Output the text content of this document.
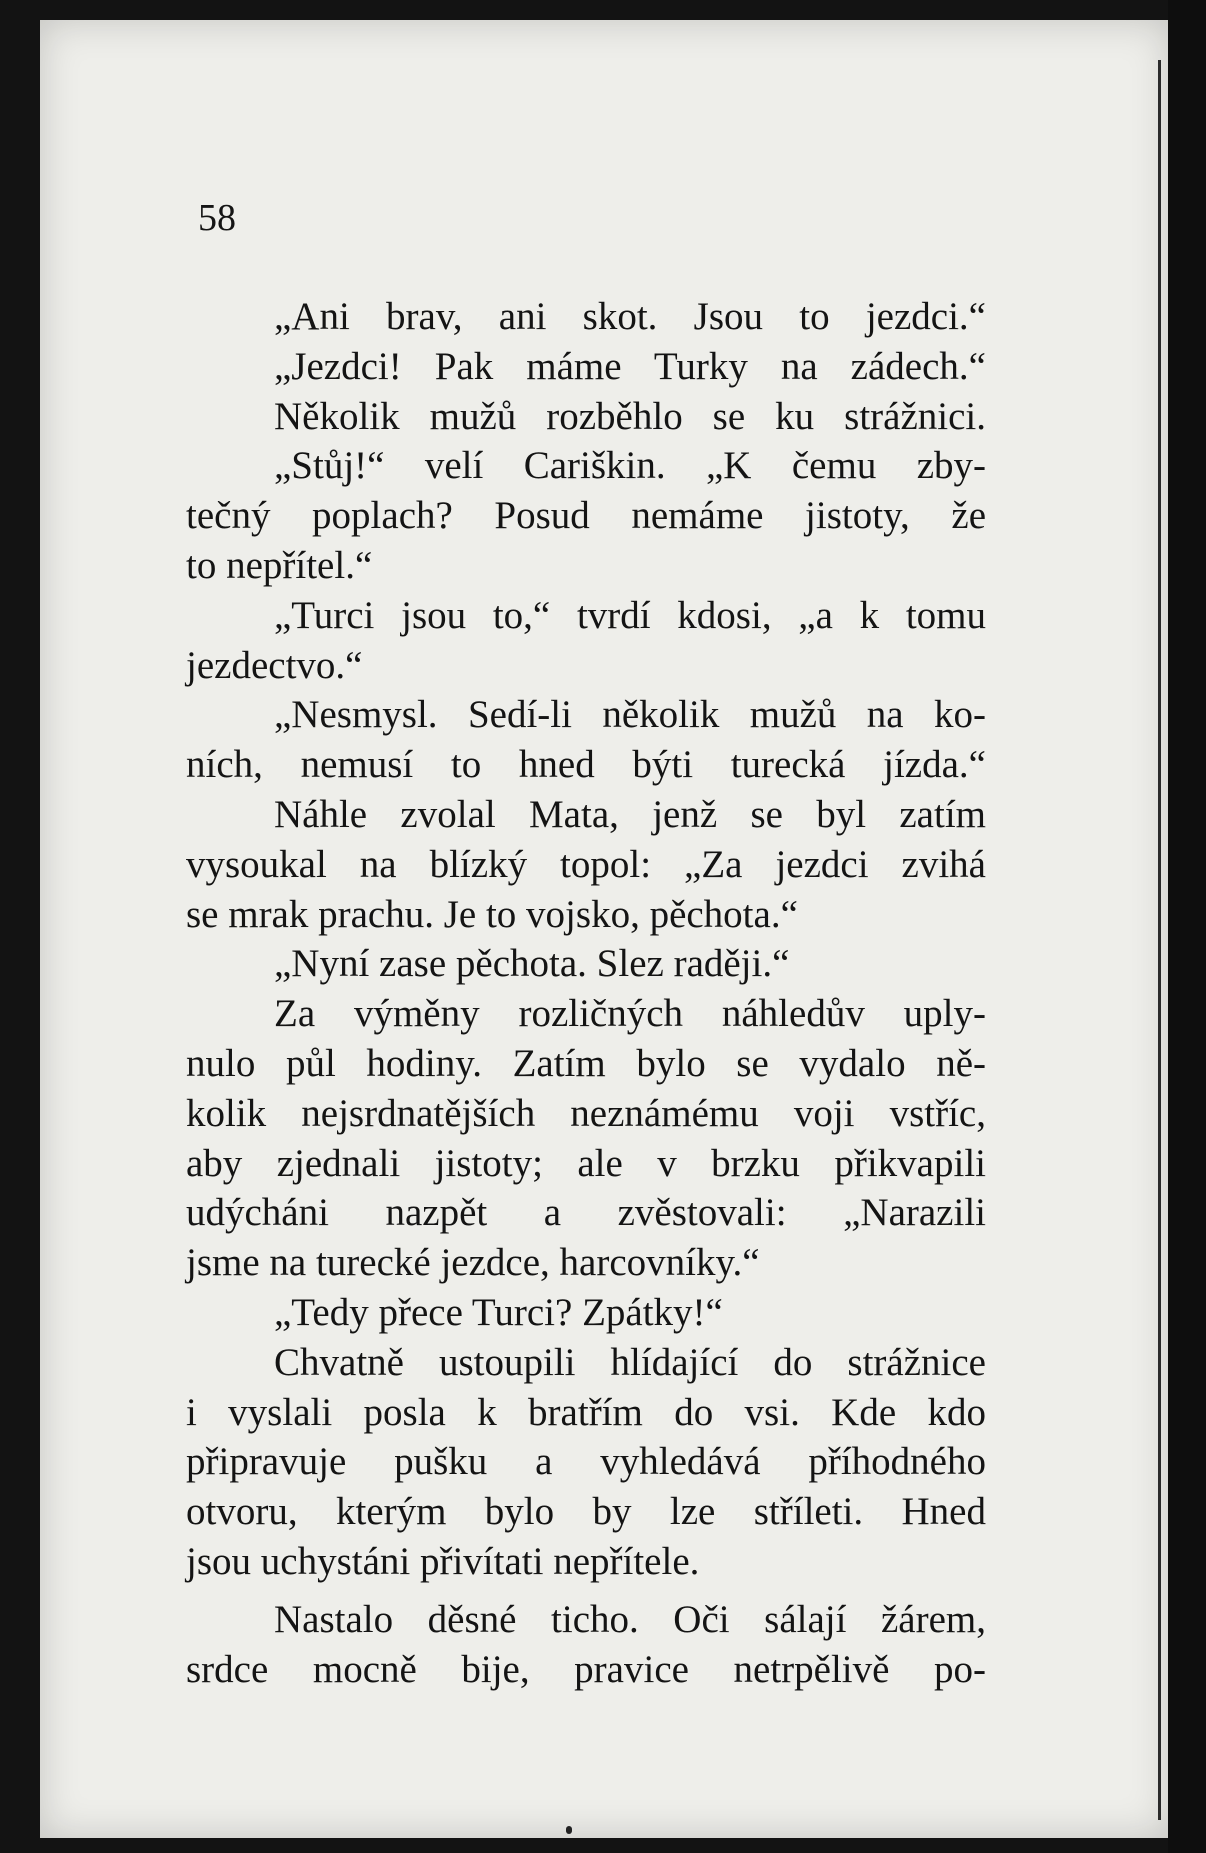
58
„Ani brav, ani skot. Jsou to jezdci.“
„Jezdci! Pak máme Turky na zádech.“
Několik mužů rozběhlo se ku strážnici.
„Stůj!“ velí Cariškin. „K čemu zby-
tečný poplach? Posud nemáme jistoty, že
to nepřítel.“
„Turci jsou to,“ tvrdí kdosi, „a k tomu
jezdectvo.“
„Nesmysl. Sedí-li několik mužů na ko-
ních, nemusí to hned býti turecká jízda.“
Náhle zvolal Mata, jenž se byl zatím
vysoukal na blízký topol: „Za jezdci zvihá
se mrak prachu. Je to vojsko, pěchota.“
„Nyní zase pěchota. Slez raději.“
Za výměny rozličných náhledův uply-
nulo půl hodiny. Zatím bylo se vydalo ně-
kolik nejsrdnatějších neznámému voji vstříc,
aby zjednali jistoty; ale v brzku přikvapili
udýcháni nazpět a zvěstovali: „Narazili
jsme na turecké jezdce, harcovníky.“
„Tedy přece Turci? Zpátky!“
Chvatně ustoupili hlídající do strážnice
i vyslali posla k bratřím do vsi. Kde kdo
připravuje pušku a vyhledává příhodného
otvoru, kterým bylo by lze stříleti. Hned
jsou uchystáni přivítati nepřítele.
Nastalo děsné ticho. Oči sálají žárem,
srdce mocně bije, pravice netrpělivě po-
